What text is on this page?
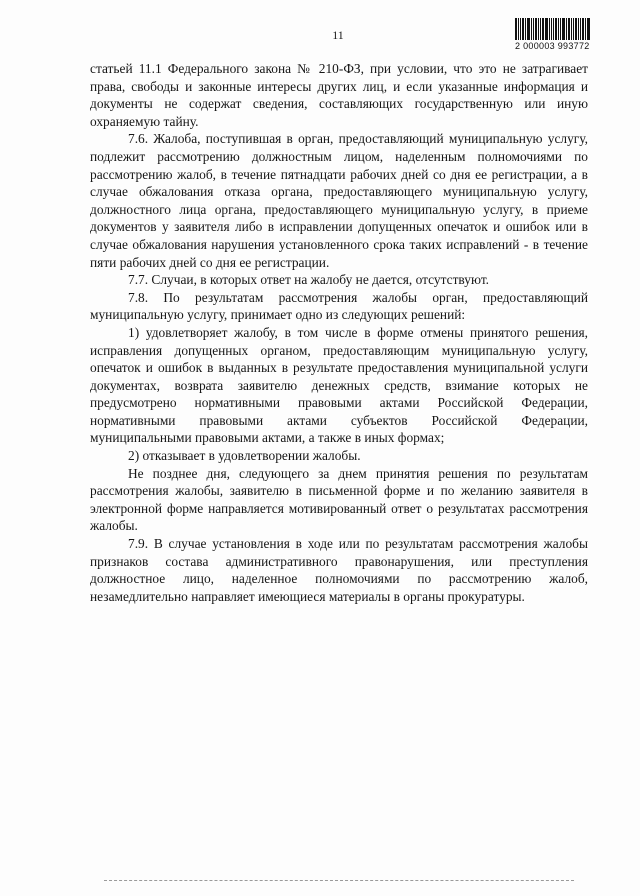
11
2 000003 993772

статьей 11.1 Федерального закона № 210-ФЗ, при условии, что это не затрагивает права, свободы и законные интересы других лиц, и если указанные информация и документы не содержат сведения, составляющих государственную или иную охраняемую тайну.

7.6. Жалоба, поступившая в орган, предоставляющий муниципальную услугу, подлежит рассмотрению должностным лицом, наделенным полномочиями по рассмотрению жалоб, в течение пятнадцати рабочих дней со дня ее регистрации, а в случае обжалования отказа органа, предоставляющего муниципальную услугу, должностного лица органа, предоставляющего муниципальную услугу, в приеме документов у заявителя либо в исправлении допущенных опечаток и ошибок или в случае обжалования нарушения установленного срока таких исправлений - в течение пяти рабочих дней со дня ее регистрации.

7.7. Случаи, в которых ответ на жалобу не дается, отсутствуют.

7.8. По результатам рассмотрения жалобы орган, предоставляющий муниципальную услугу, принимает одно из следующих решений:

1) удовлетворяет жалобу, в том числе в форме отмены принятого решения, исправления допущенных органом, предоставляющим муниципальную услугу, опечаток и ошибок в выданных в результате предоставления муниципальной услуги документах, возврата заявителю денежных средств, взимание которых не предусмотрено нормативными правовыми актами Российской Федерации, нормативными правовыми актами субъектов Российской Федерации, муниципальными правовыми актами, а также в иных формах;

2) отказывает в удовлетворении жалобы.

Не позднее дня, следующего за днем принятия решения по результатам рассмотрения жалобы, заявителю в письменной форме и по желанию заявителя в электронной форме направляется мотивированный ответ о результатах рассмотрения жалобы.

7.9. В случае установления в ходе или по результатам рассмотрения жалобы признаков состава административного правонарушения, или преступления должностное лицо, наделенное полномочиями по рассмотрению жалоб, незамедлительно направляет имеющиеся материалы в органы прокуратуры.
